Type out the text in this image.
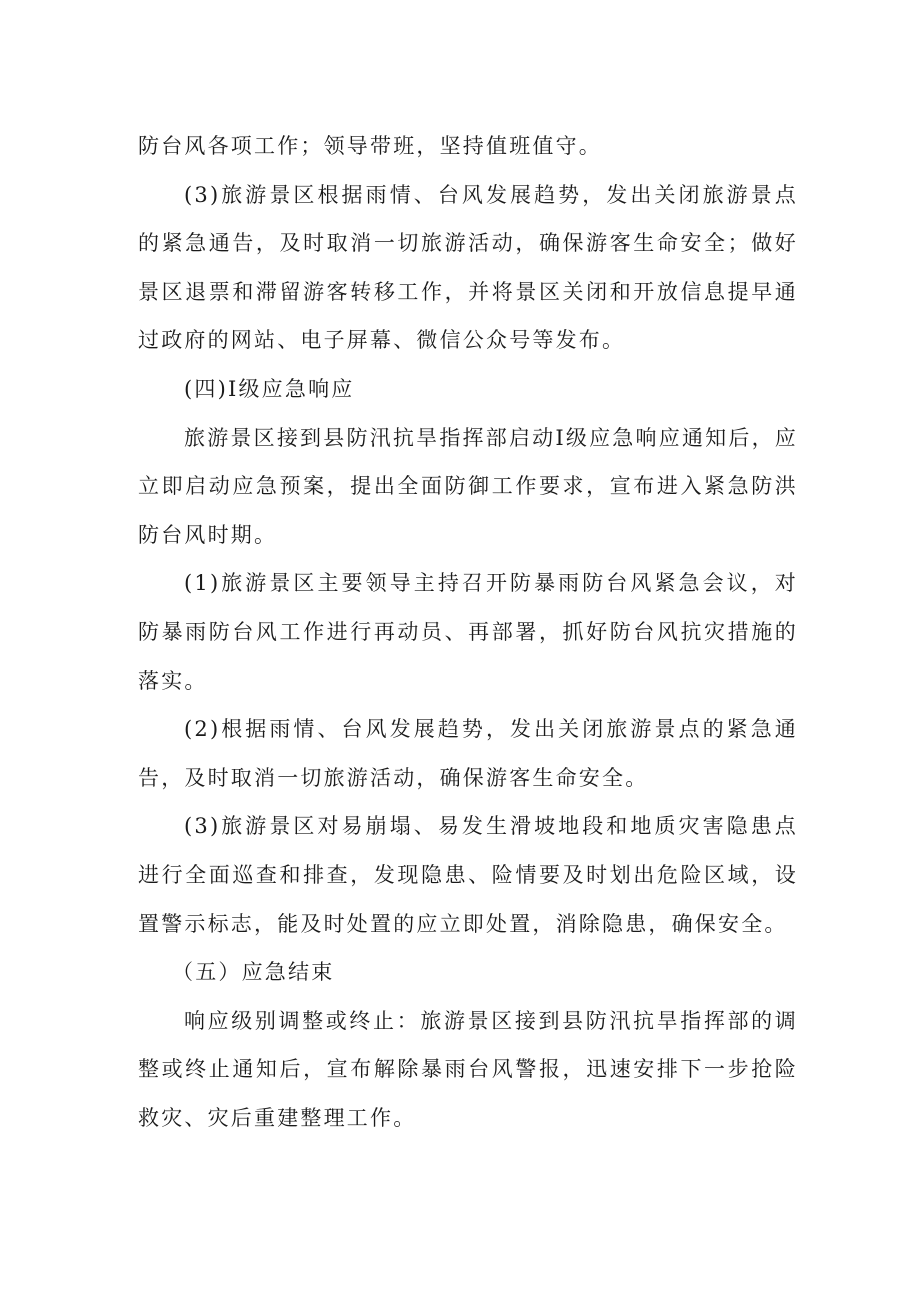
防台风各项工作；领导带班，坚持值班值守。

(3)旅游景区根据雨情、台风发展趋势，发出关闭旅游景点的紧急通告，及时取消一切旅游活动，确保游客生命安全；做好景区退票和滞留游客转移工作，并将景区关闭和开放信息提早通过政府的网站、电子屏幕、微信公众号等发布。

(四)Ⅰ级应急响应

旅游景区接到县防汛抗旱指挥部启动Ⅰ级应急响应通知后，应立即启动应急预案，提出全面防御工作要求，宣布进入紧急防洪防台风时期。

(1)旅游景区主要领导主持召开防暴雨防台风紧急会议，对防暴雨防台风工作进行再动员、再部署，抓好防台风抗灾措施的落实。

(2)根据雨情、台风发展趋势，发出关闭旅游景点的紧急通告，及时取消一切旅游活动，确保游客生命安全。

(3)旅游景区对易崩塌、易发生滑坡地段和地质灾害隐患点进行全面巡查和排查，发现隐患、险情要及时划出危险区域，设置警示标志，能及时处置的应立即处置，消除隐患，确保安全。

（五）应急结束

响应级别调整或终止：旅游景区接到县防汛抗旱指挥部的调整或终止通知后，宣布解除暴雨台风警报，迅速安排下一步抢险救灾、灾后重建整理工作。
